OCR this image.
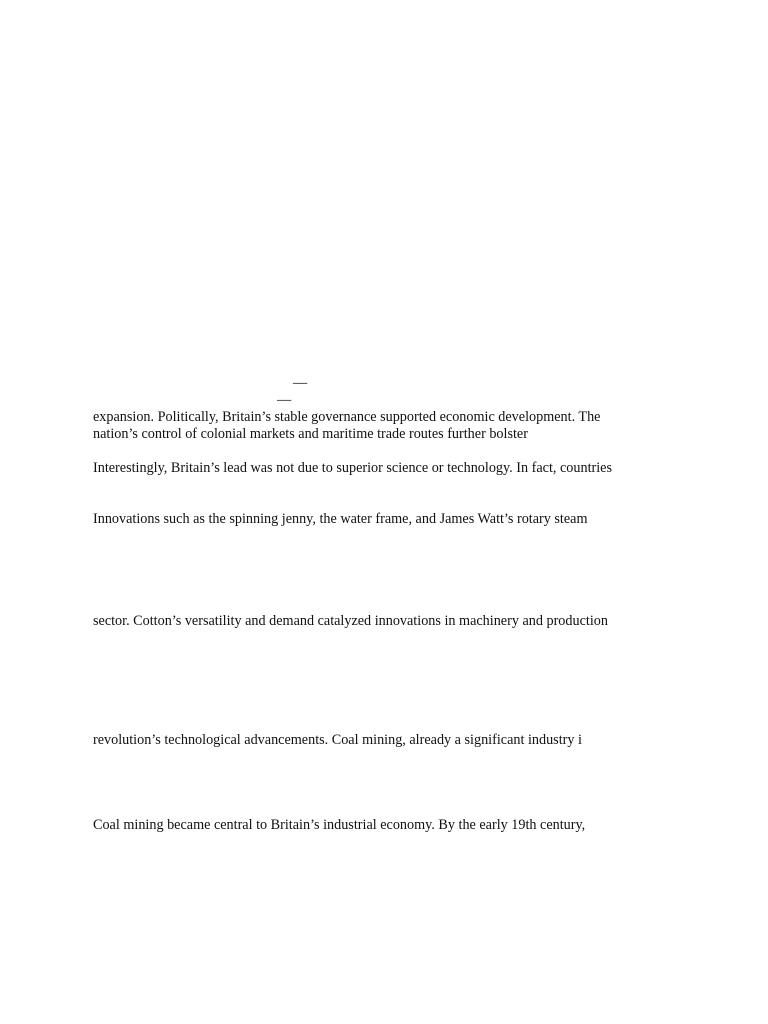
—
—
expansion. Politically, Britain’s stable governance supported economic development. The
nation’s control of colonial markets and maritime trade routes further bolster
Interestingly, Britain’s lead was not due to superior science or technology. In fact, countries
Innovations such as the spinning jenny, the water frame, and James Watt’s rotary steam
sector. Cotton’s versatility and demand catalyzed innovations in machinery and production
revolution’s technological advancements. Coal mining, already a significant industry i
Coal mining became central to Britain’s industrial economy. By the early 19th century,
